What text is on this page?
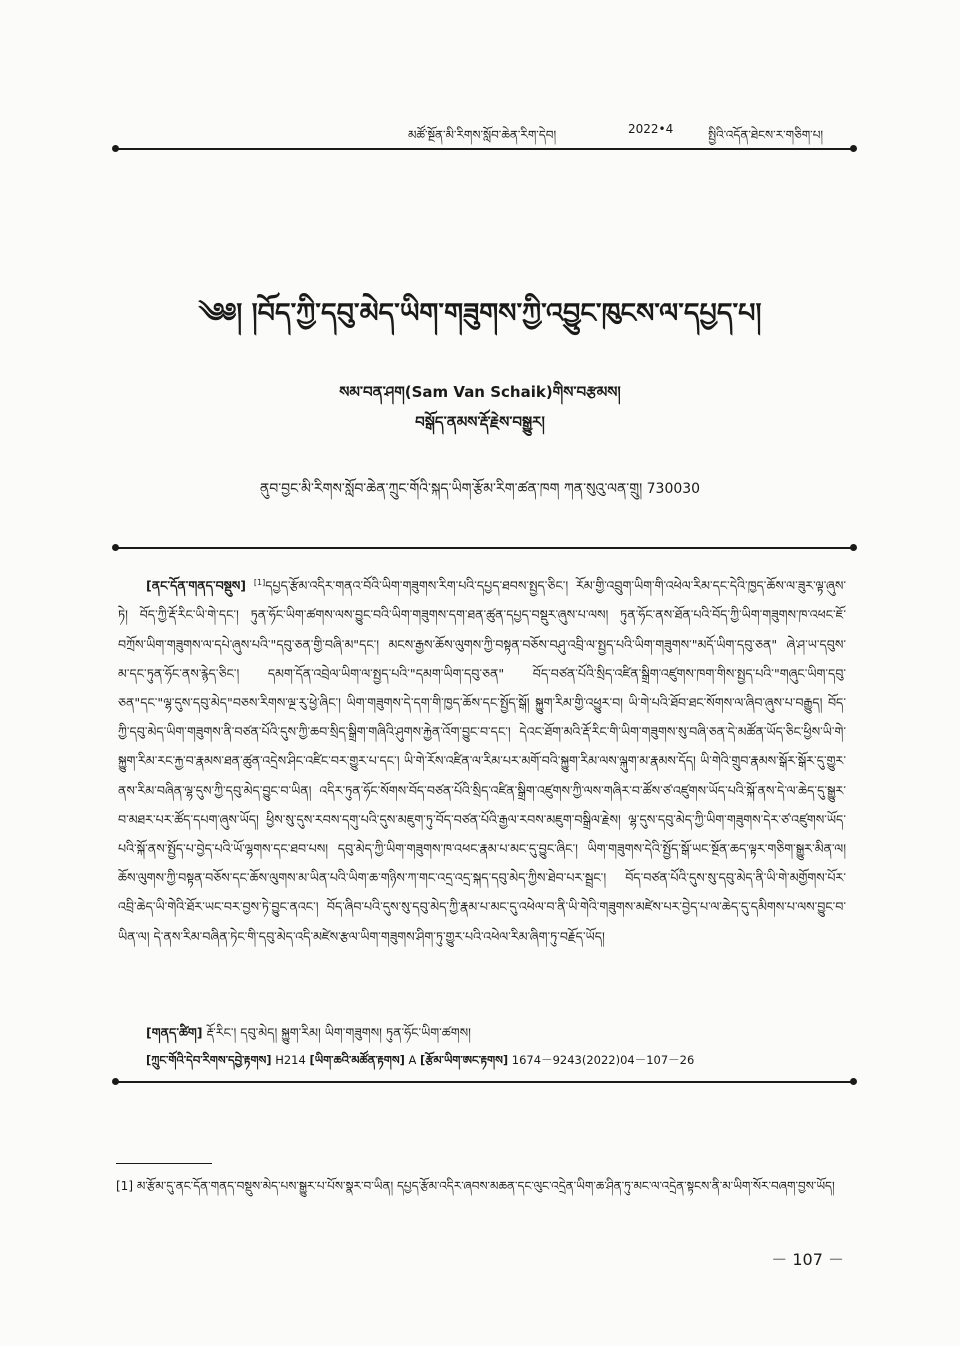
མཚོ་སྔོན་མི་རིགས་སློབ་ཆེན་རིག་དེབ།	2022•4	སྤྱིའི་འདོན་ཐེངས་ར་གཅིག་པ།
༄༅། །བོད་ཀྱི་དབུ་མེད་ཡིག་གཟུགས་ཀྱི་འབྱུང་ཁུངས་ལ་དཔྱད་པ།
སམ་བན་ཤག(Sam Van Schaik)གིས་བརྩམས།
བསྒོད་ནམས་རྡོ་རྗེས་བསྒྱུར།
ནུབ་བྱང་མི་རིགས་སློབ་ཆེན་ཀྲུང་གོའི་སྐད་ཡིག་རྩོམ་རིག་ཚན་ཁག ཀན་སུའུ་ལན་གྲུ། 730030
[ནང་དོན་གནད་བསྡུས] [1]དཔྱད་རྩོམ་འདིར་གནའ་བོའི་ཡིག་གཟུགས་རིག་པའི་དཔྱད་ཐབས་སྤྱད་ཅིང་། རོམ་གྱི་འབྲུག་ཡིག་གི་འཕེལ་རིམ་དང་དེའི་ཁྱད་ཆོས་ལ་ཟུར་ལྟ་ཞུས་ཏེ། བོད་ཀྱི་རྡོ་རིང་ཡི་གེ་དང་། ཏུན་ཧོང་ཡིག་ཚགས་ལས་བྱུང་བའི་ཡིག་གཟུགས་དག་ཐན་ཚུན་དཔྱད་བསྡུར་ཞུས་པ་ལས། ཏུན་ཧོང་ནས་ཐོན་པའི་བོད་ཀྱི་ཡིག་གཟུགས་ཁ་འཕང་ཇོ་བཀྲོས་ཡིག་གཟུགས་ལ་དཔེ་ཞུས་པའི་"དབུ་ཅན་གྱི་བཞི་མ"དང་། མངས་རྒྱས་ཆོས་ལུགས་ཀྱི་བསྟན་བཅོས་བཤུ་འབྲི་ལ་སྤྱད་པའི་ཡིག་གཟུགས་"མདོ་ཡིག་དབུ་ཅན" ཞེ་ཤ་ཡ་དབུས་མ་དང་ཏུན་ཧོང་ནས་རྙེད་ཅིང་། དམག་དོན་འབྲེལ་ཡིག་ལ་སྤྱད་པའི་"དམག་ཡིག་དབུ་ཅན" བོད་བཙན་པོའི་སྲིད་འཛིན་སྒྲིག་འཛུགས་ཁག་གིས་སྤྱད་པའི་"གཞུང་ཡིག་དབུ་ཅན"དང་"ལྷ་དུས་དབུ་མེད"བཅས་རིགས་ལྔ་རུ་ཕྱེ་ཞིང་། ཡིག་གཟུགས་དེ་དག་གི་ཁྱད་ཆོས་དང་སྤྱོད་སྒོ། སྐྱུག་རིམ་གྱི་འཕྱུར་བ། ཡི་གེ་པའི་ཐོབ་ཐང་སོགས་ལ་ཞིབ་ཞུས་པ་བརྒྱུད། བོད་ཀྱི་དབུ་མེད་ཡིག་གཟུགས་ནི་བཙན་པོའི་དུས་ཀྱི་ཆབ་སྲིད་སྒྲིག་གཞིའི་ཤུགས་རྐྱེན་འོག་བྱུང་བ་དང་། དེའང་ཐོག་མའི་རྡོ་རིང་གི་ཡིག་གཟུགས་སུ་བཞི་ཅན་དེ་མཚོན་ཡོད་ཅིང་ཕྱིས་ཡི་གེ་སྐྱུག་རིམ་རང་རྐྱ་བ་རྣམས་ཐན་ཚུན་འདྲེས་ཤིང་འཛིང་བར་གྱུར་པ་དང་། ཡི་གེ་རོས་འཛིན་ལ་རིམ་པར་མགོ་བའི་སྐྱུག་རིམ་ལས་ལྐུག་མ་རྣམས་དོད། ཡི་གེའི་གྲུབ་རྣམས་སྒོར་སྒོར་དུ་གྱུར་ནས་རིམ་བཞིན་ལྷ་དུས་ཀྱི་དབུ་མེད་བྱུང་བ་ཡིན། འདིར་ཏུན་ཧོང་སོགས་བོད་བཙན་པོའི་སྲིད་འཛིན་སྒྲིག་འཛུགས་ཀྱི་ལས་གཞིར་བ་ཚོས་ཙ་འཛུགས་ཡོད་པའི་སྐོ་ནས་དེ་ལ་ཆེད་དུ་སྒྱུར་བ་མཐར་པར་ཚོད་དཔག་ཞུས་ཡོད། ཕྱིས་སུ་དུས་རབས་དགུ་པའི་དུས་མཇུག་ཏུ་བོད་བཙན་པོའི་རྒྱལ་རབས་མཇུག་བསྒྲིལ་རྗེས། ལྷ་དུས་དབུ་མེད་ཀྱི་ཡིག་གཟུགས་དེར་ཙ་འཛུགས་ཡོད་པའི་སྐོ་ནས་སྤྱོད་པ་བྱེད་པའི་ཡོ་ལྷགས་དང་ཐབ་པས། དབུ་མེད་ཀྱི་ཡིག་གཟུགས་ཁ་འཕང་རྣམ་པ་མང་དུ་བྱུང་ཞིང་། ཡིག་གཟུགས་དེའི་སྤྱོད་སྒོ་ཡང་སྔོན་ཆད་ལྟར་གཅིག་སྒྱུར་མིན་ལ། ཆོས་ལུགས་ཀྱི་བསྟན་བཅོས་དང་ཆོས་ལུགས་མ་ཡིན་པའི་ཡིག་ཆ་གཉིས་ཀ་གང་འདྲ་འདྲ་སྐད་དབུ་མེད་ཀྱིས་ཐེབ་པར་སྦྲང་། བོད་བཙན་པོའི་དུས་སུ་དབུ་མེད་ནི་ཡི་གེ་མགྱོགས་པོར་འབྲི་ཆེད་ཡི་གེའི་ཐོར་ཡང་བར་བྱས་ཏེ་བྱུང་ནའང་། བོད་ཞིབ་པའི་དུས་སུ་དབུ་མེད་ཀྱི་རྣམ་པ་མང་དུ་འཕེལ་བ་ནི་ཡི་གེའི་གཟུགས་མཛེས་པར་བྱེད་པ་ལ་ཆེད་དུ་དམིགས་པ་ལས་བྱུང་བ་ཡིན་ལ། དེ་ནས་རིམ་བཞིན་ཏེང་གི་དབུ་མེད་འདི་མཛེས་རྩལ་ཡིག་གཟུགས་ཤིག་ཏུ་གྱུར་པའི་འཕེལ་རིམ་ཞིག་ཏུ་བརྗོད་ཡོད།
[གནད་ཚིག] རྡོ་རིང་། དབུ་མེད། སྐྱུག་རིམ། ཡིག་གཟུགས། ཏུན་ཧོང་ཡིག་ཚགས།
[ཀྲུང་གོའི་དེབ་རིགས་དབྱེ་རྟགས] H214 [ཡིག་ཆའི་མཚོན་རྟགས] A [རྩོམ་ཡིག་ཨང་རྟགས] 1674－9243(2022)04－107－26
[1] མ་རྩོམ་དུ་ནང་དོན་གནད་བསྡུས་མེད་པས་སྒྱུར་པ་པོས་སྣར་བ་ཡིན། དཔྱད་རྩོམ་འདིར་ཞབས་མཆན་དང་ལུང་འདྲེན་ཡིག་ཆ་ཤིན་ཏུ་མང་ལ་འདྲེན་སྟངས་ནི་མ་ཡིག་སོར་བཞག་བྱས་ཡོད།
－ 107 －
